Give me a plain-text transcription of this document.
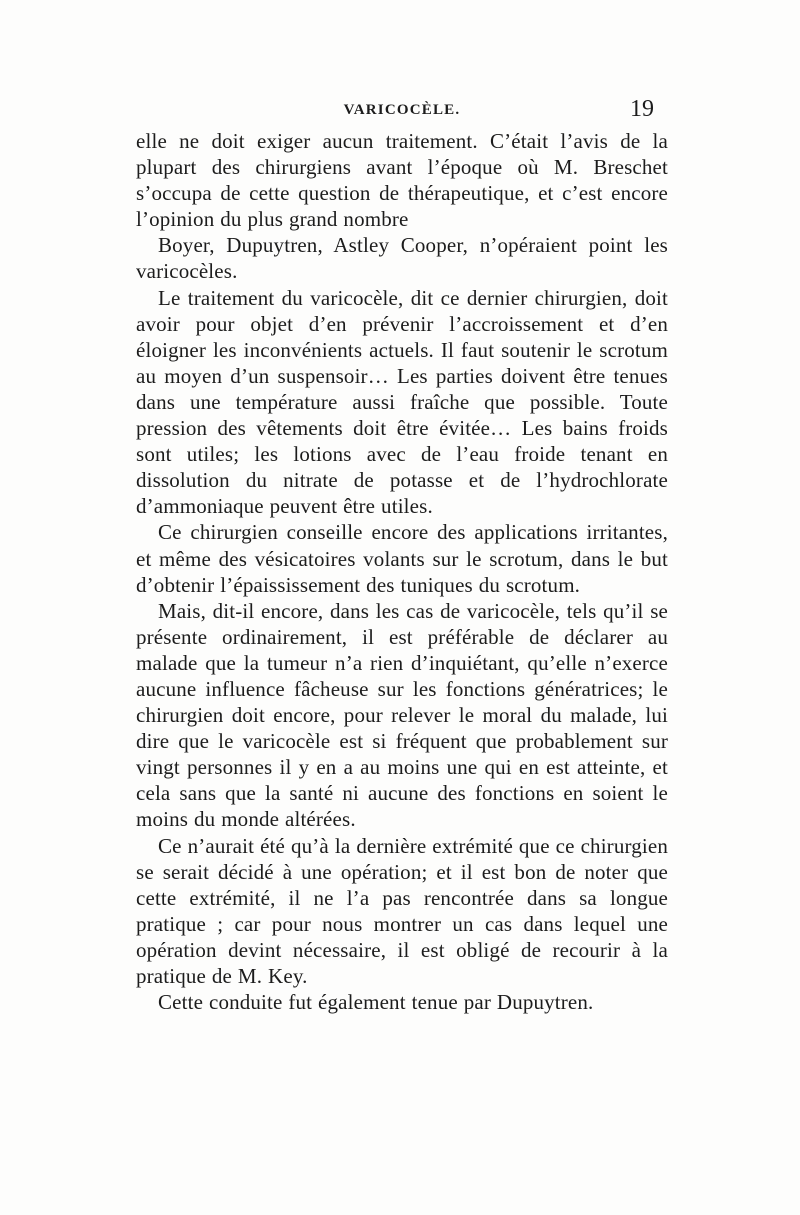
VARICOCÈLE.	19

elle ne doit exiger aucun traitement. C’était l’avis de la plupart des chirurgiens avant l’époque où M. Breschet s’occupa de cette question de thérapeutique, et c’est encore l’opinion du plus grand nombre

Boyer, Dupuytren, Astley Cooper, n’opéraient point les varicocèles.

Le traitement du varicocèle, dit ce dernier chirurgien, doit avoir pour objet d’en prévenir l’accroissement et d’en éloigner les inconvénients actuels. Il faut soutenir le scrotum au moyen d’un suspensoir… Les parties doivent être tenues dans une température aussi fraîche que possible. Toute pression des vêtements doit être évitée… Les bains froids sont utiles; les lotions avec de l’eau froide tenant en dissolution du nitrate de potasse et de l’hydrochlorate d’ammoniaque peuvent être utiles.

Ce chirurgien conseille encore des applications irritantes, et même des vésicatoires volants sur le scrotum, dans le but d’obtenir l’épaississement des tuniques du scrotum.

Mais, dit-il encore, dans les cas de varicocèle, tels qu’il se présente ordinairement, il est préférable de déclarer au malade que la tumeur n’a rien d’inquiétant, qu’elle n’exerce aucune influence fâcheuse sur les fonctions génératrices; le chirurgien doit encore, pour relever le moral du malade, lui dire que le varicocèle est si fréquent que probablement sur vingt personnes il y en a au moins une qui en est atteinte, et cela sans que la santé ni aucune des fonctions en soient le moins du monde altérées.

Ce n’aurait été qu’à la dernière extrémité que ce chirurgien se serait décidé à une opération; et il est bon de noter que cette extrémité, il ne l’a pas rencontrée dans sa longue pratique ; car pour nous montrer un cas dans lequel une opération devint nécessaire, il est obligé de recourir à la pratique de M. Key.

Cette conduite fut également tenue par Dupuytren.
